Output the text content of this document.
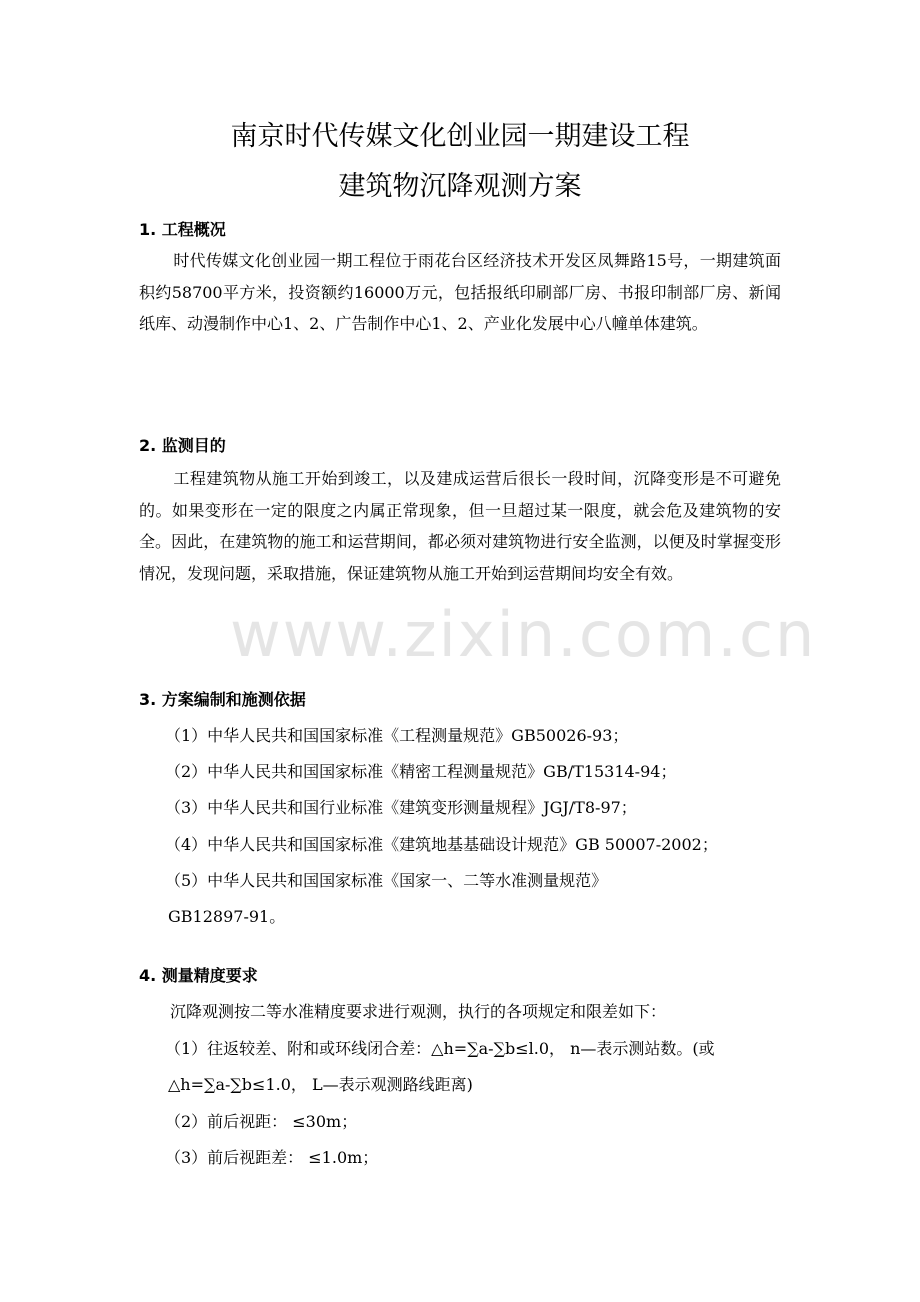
南京时代传媒文化创业园一期建设工程
建筑物沉降观测方案
1. 工程概况
时代传媒文化创业园一期工程位于雨花台区经济技术开发区凤舞路15号，一期建筑面积约58700平方米，投资额约16000万元，包括报纸印刷部厂房、书报印制部厂房、新闻纸库、动漫制作中心1、2、广告制作中心1、2、产业化发展中心八幢单体建筑。
2. 监测目的
工程建筑物从施工开始到竣工，以及建成运营后很长一段时间，沉降变形是不可避免的。如果变形在一定的限度之内属正常现象，但一旦超过某一限度，就会危及建筑物的安全。因此，在建筑物的施工和运营期间，都必须对建筑物进行安全监测，以便及时掌握变形情况，发现问题，采取措施，保证建筑物从施工开始到运营期间均安全有效。
3. 方案编制和施测依据
（1）中华人民共和国国家标准《工程测量规范》GB50026-93；
（2）中华人民共和国国家标准《精密工程测量规范》GB/T15314-94；
（3）中华人民共和国行业标准《建筑变形测量规程》JGJ/T8-97；
（4）中华人民共和国国家标准《建筑地基基础设计规范》GB 50007-2002；
（5）中华人民共和国国家标准《国家一、二等水准测量规范》
GB12897-91。
4. 测量精度要求
沉降观测按二等水准精度要求进行观测，执行的各项规定和限差如下：
（1）往返较差、附和或环线闭合差：△h=∑a-∑b≤l.0， n—表示测站数。(或
△h=∑a-∑b≤1.0， L—表示观测路线距离)
（2）前后视距： ≤30m；
（3）前后视距差： ≤1.0m；
www.zixin.com.cn
